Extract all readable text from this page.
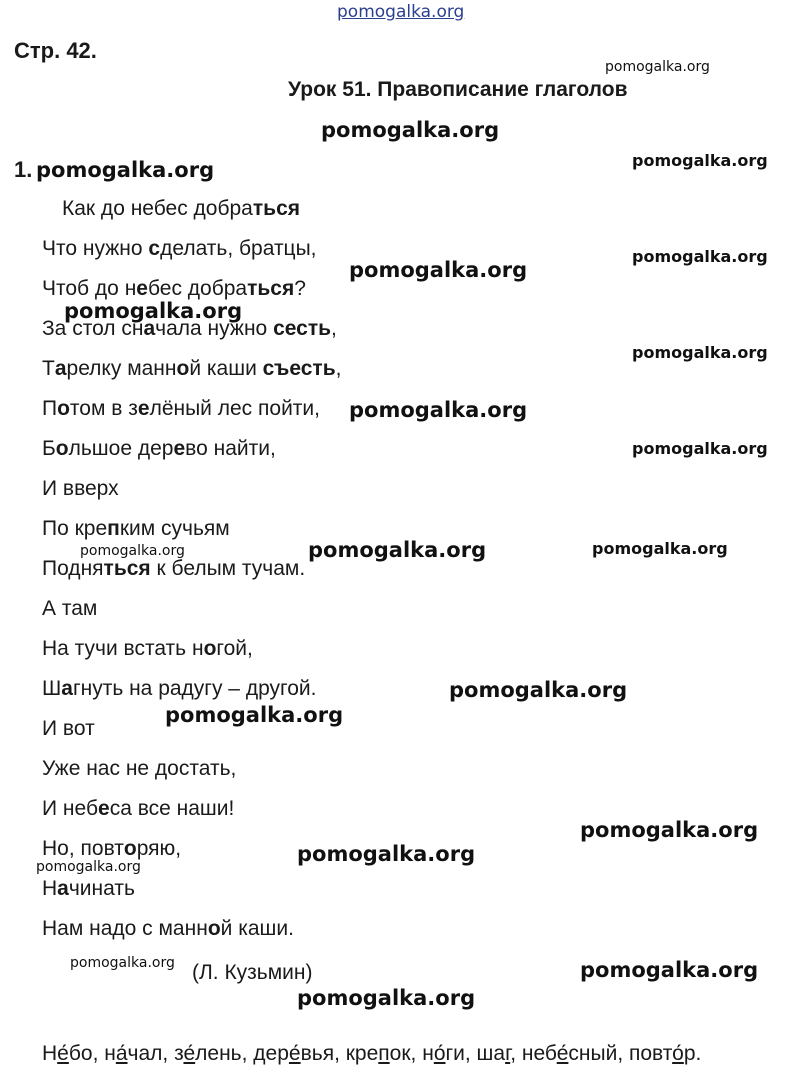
pomogalka.org
Стр. 42.
Урок 51. Правописание глаголов
1.
Как до небес добраться
Что нужно сделать, братцы,
Чтоб до небес добраться?
За стол сначала нужно сесть,
Тарелку манной каши съесть,
Потом в зелёный лес пойти,
Большое дерево найти,
И вверх
По крепким сучьям
Подняться к белым тучам.
А там
На тучи встать ногой,
Шагнуть на радугу – другой.
И вот
Уже нас не достать,
И небеса все наши!
Но, повторяю,
Начинать
Нам надо с манной каши.
(Л. Кузьмин)
Не́бо, на́чал, зе́лень, дере́вья, крепок, но́ги, шаг, небе́сный, повто́р.
pomogalka.org
pomogalka.org
pomogalka.org	pomogalka.org
pomogalka.org
pomogalka.org
pomogalka.org
pomogalka.org
pomogalka.org
pomogalka.org
pomogalka.org	pomogalka.org	pomogalka.org
pomogalka.org
pomogalka.org
pomogalka.org
pomogalka.org
pomogalka.org
pomogalka.org	pomogalka.org
pomogalka.org
